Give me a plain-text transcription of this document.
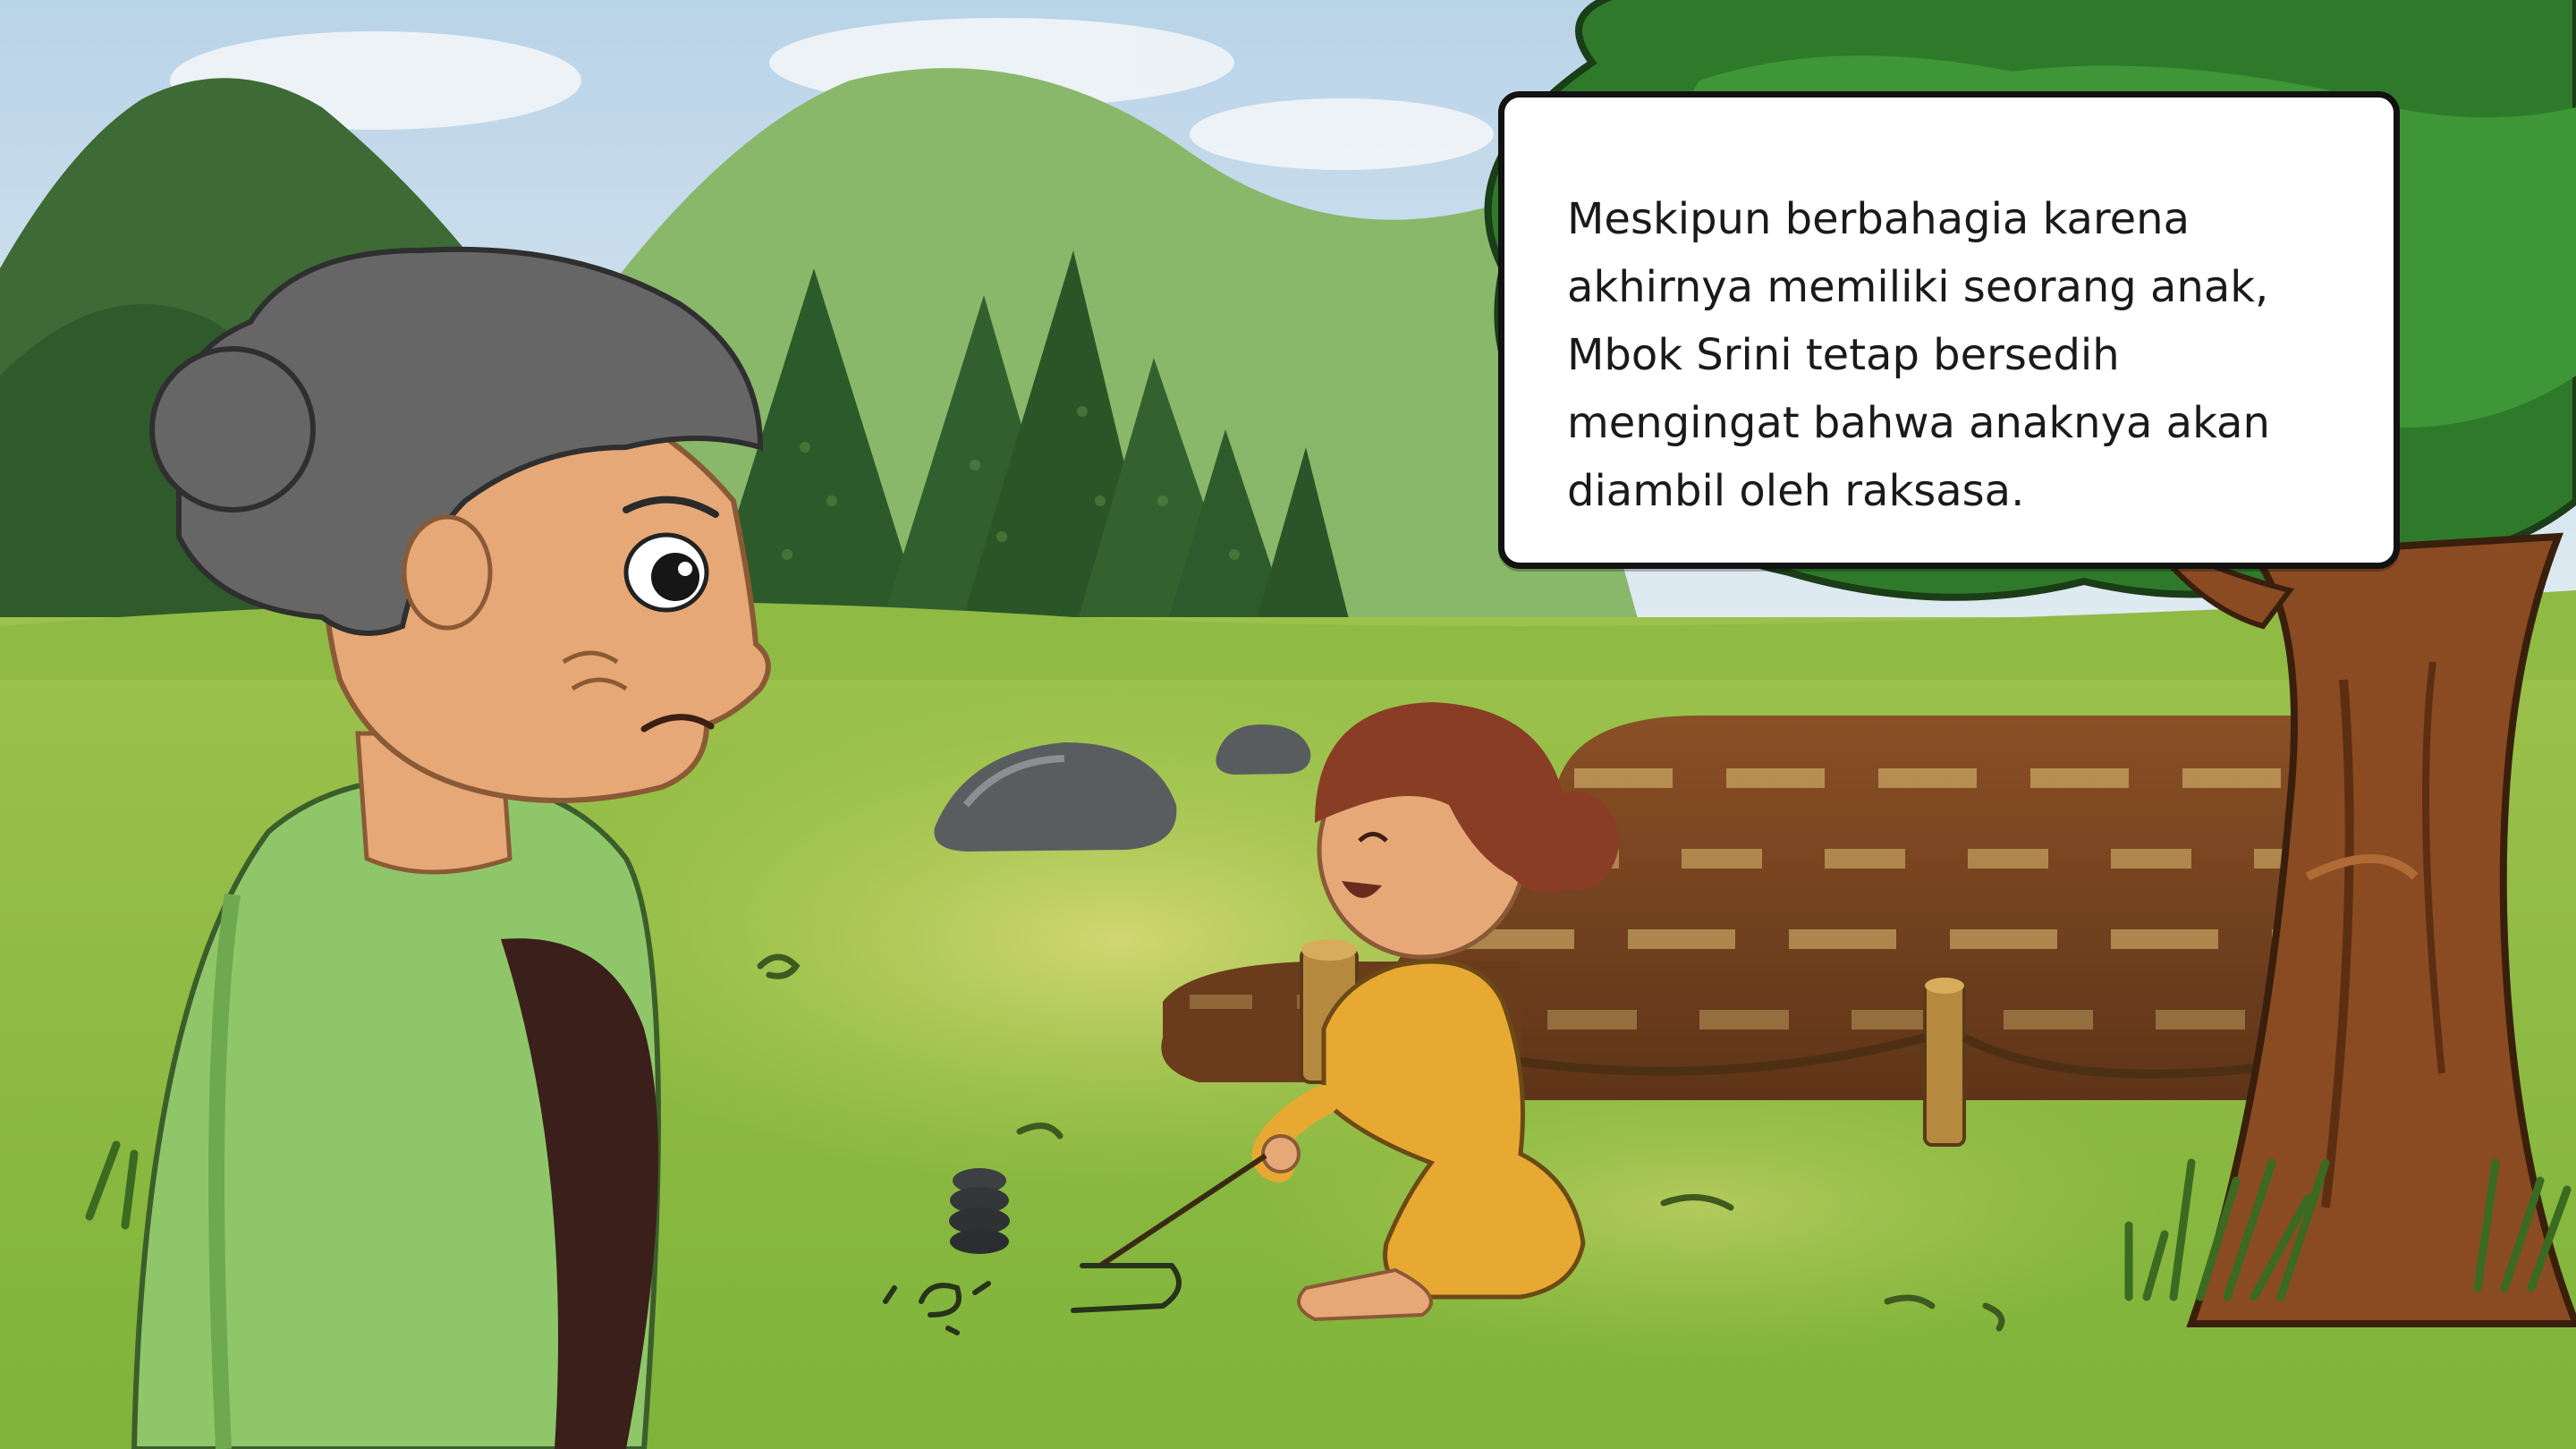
Meskipun berbahagia karena
akhirnya memiliki seorang anak,
Mbok Srini tetap bersedih
mengingat bahwa anaknya akan
diambil oleh raksasa.
